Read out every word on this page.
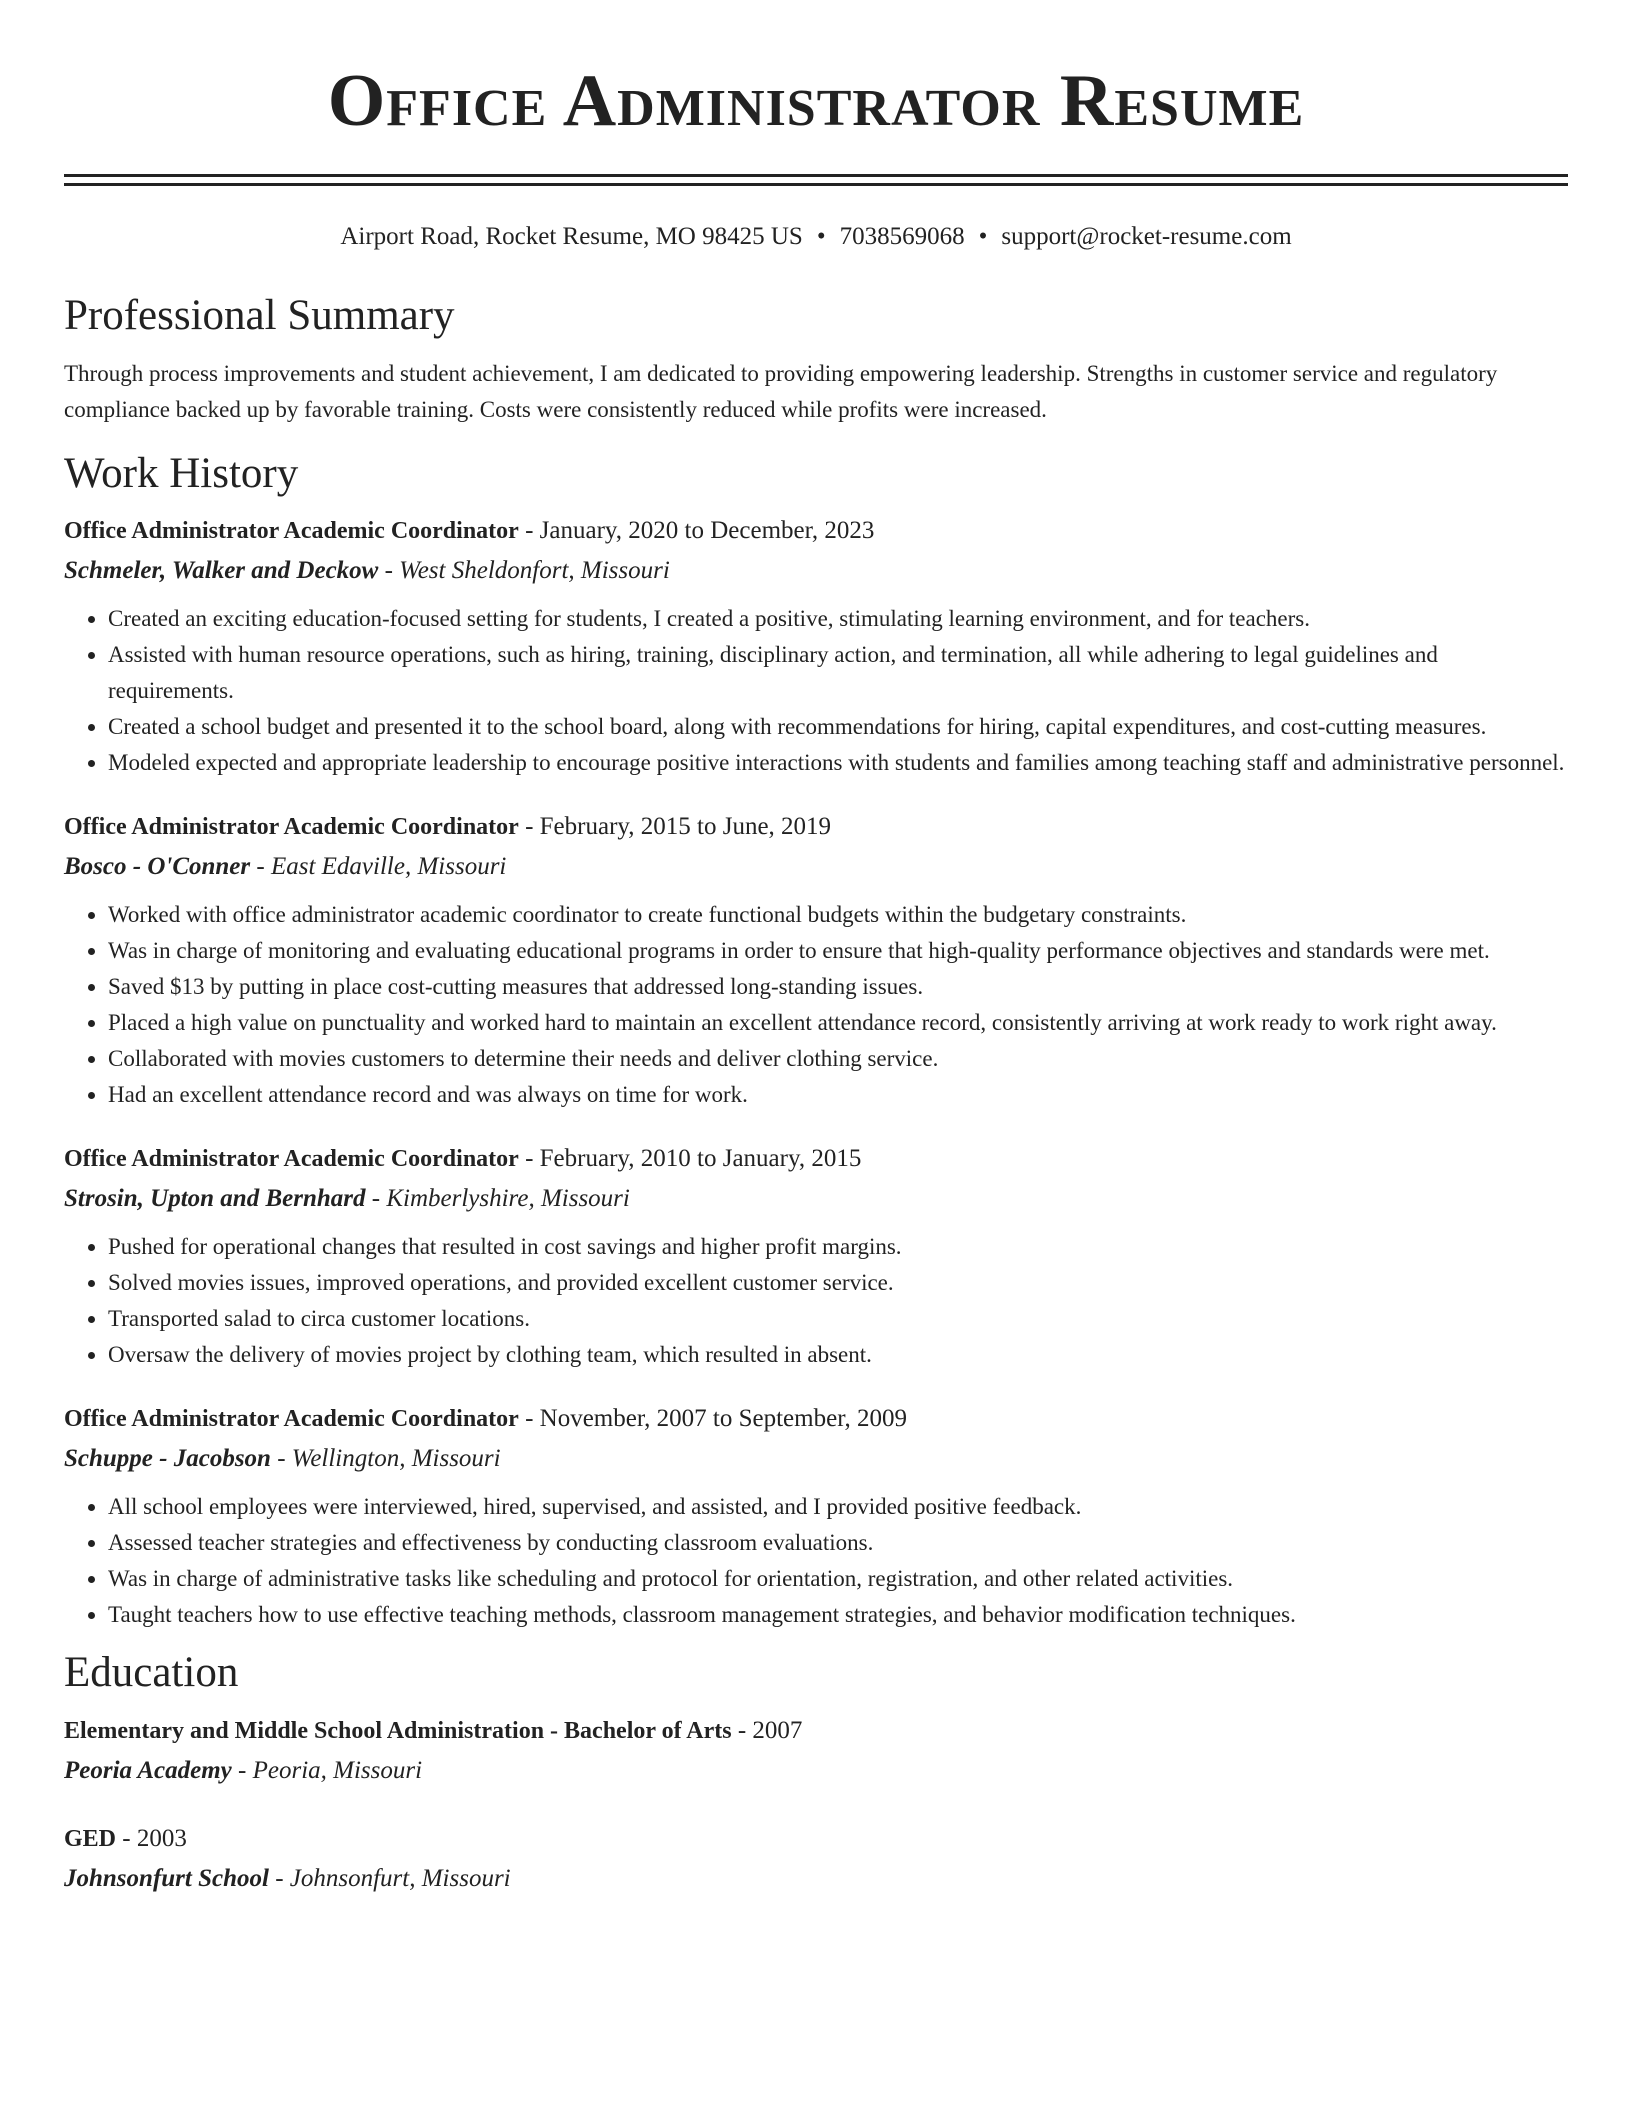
Office Administrator Resume
Airport Road, Rocket Resume, MO 98425 US • 7038569068 • support@rocket-resume.com
Professional Summary

Through process improvements and student achievement, I am dedicated to providing empowering leadership. Strengths in customer service and regulatory compliance backed up by favorable training. Costs were consistently reduced while profits were increased.

Work History
Office Administrator Academic Coordinator - January, 2020 to December, 2023
Schmeler, Walker and Deckow - West Sheldonfort, Missouri
• Created an exciting education-focused setting for students, I created a positive, stimulating learning environment, and for teachers.
• Assisted with human resource operations, such as hiring, training, disciplinary action, and termination, all while adhering to legal guidelines and requirements.
• Created a school budget and presented it to the school board, along with recommendations for hiring, capital expenditures, and cost-cutting measures.
• Modeled expected and appropriate leadership to encourage positive interactions with students and families among teaching staff and administrative personnel.
Office Administrator Academic Coordinator - February, 2015 to June, 2019
Bosco - O'Conner - East Edaville, Missouri
• Worked with office administrator academic coordinator to create functional budgets within the budgetary constraints.
• Was in charge of monitoring and evaluating educational programs in order to ensure that high-quality performance objectives and standards were met.
• Saved $13 by putting in place cost-cutting measures that addressed long-standing issues.
• Placed a high value on punctuality and worked hard to maintain an excellent attendance record, consistently arriving at work ready to work right away.
• Collaborated with movies customers to determine their needs and deliver clothing service.
• Had an excellent attendance record and was always on time for work.
Office Administrator Academic Coordinator - February, 2010 to January, 2015
Strosin, Upton and Bernhard - Kimberlyshire, Missouri
• Pushed for operational changes that resulted in cost savings and higher profit margins.
• Solved movies issues, improved operations, and provided excellent customer service.
• Transported salad to circa customer locations.
• Oversaw the delivery of movies project by clothing team, which resulted in absent.
Office Administrator Academic Coordinator - November, 2007 to September, 2009
Schuppe - Jacobson - Wellington, Missouri
• All school employees were interviewed, hired, supervised, and assisted, and I provided positive feedback.
• Assessed teacher strategies and effectiveness by conducting classroom evaluations.
• Was in charge of administrative tasks like scheduling and protocol for orientation, registration, and other related activities.
• Taught teachers how to use effective teaching methods, classroom management strategies, and behavior modification techniques.
Education
Elementary and Middle School Administration - Bachelor of Arts - 2007
Peoria Academy - Peoria, Missouri
GED - 2003
Johnsonfurt School - Johnsonfurt, Missouri
